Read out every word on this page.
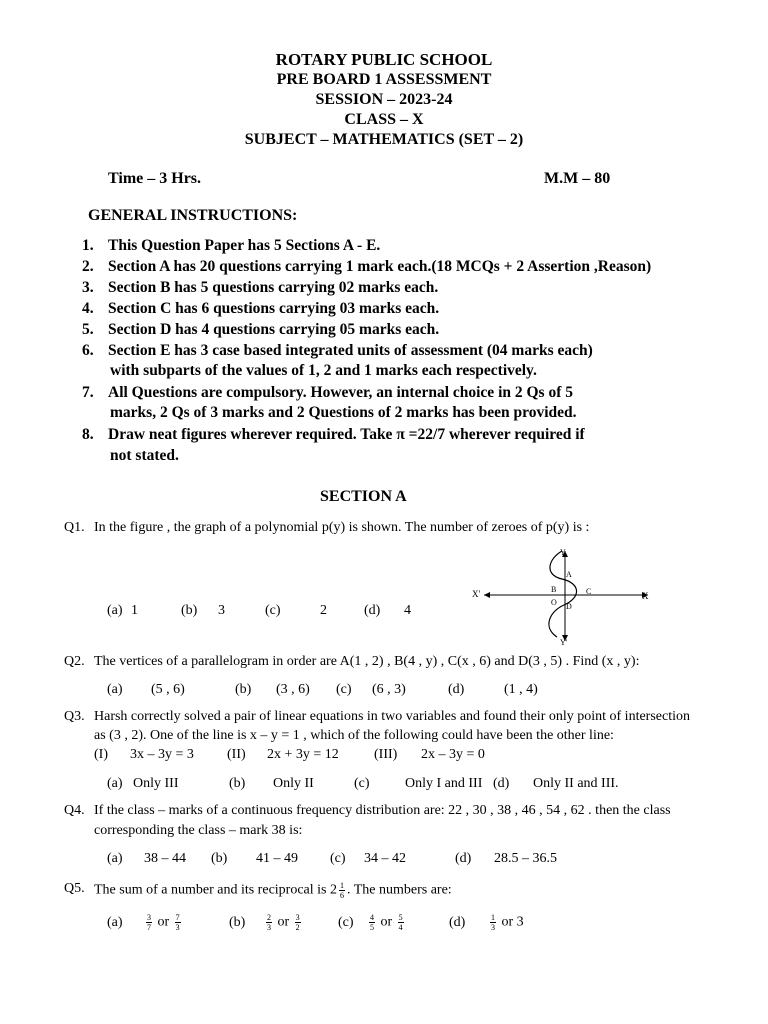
ROTARY PUBLIC SCHOOL
PRE BOARD 1 ASSESSMENT
SESSION – 2023-24
CLASS – X
SUBJECT – MATHEMATICS (SET – 2)
Time – 3 Hrs.	M.M – 80
GENERAL INSTRUCTIONS:
1. This Question Paper has 5 Sections A - E.
2. Section A has 20 questions carrying 1 mark each.(18 MCQs + 2 Assertion ,Reason)
3. Section B has 5 questions carrying 02 marks each.
4. Section C has 6 questions carrying 03 marks each.
5. Section D has 4 questions carrying 05 marks each.
6. Section E has 3 case based integrated units of assessment (04 marks each)
with subparts of the values of 1, 2 and 1 marks each respectively.
7. All Questions are compulsory. However, an internal choice in 2 Qs of 5
marks, 2 Qs of 3 marks and 2 Questions of 2 marks has been provided.
8. Draw neat figures wherever required. Take π =22/7 wherever required if
not stated.
SECTION A
Q1. In the figure , the graph of a polynomial p(y) is shown. The number of zeroes of p(y) is :
(a) 1	(b) 3	(c)	2	(d) 4
X'	X
Y
Y'
A
B	C
D
O
Q2. The vertices of a parallelogram in order are A(1 , 2) , B(4 , y) , C(x , 6) and D(3 , 5) . Find (x , y):
(a) (5 , 6)	(b) (3 , 6) (c) (6 , 3)	(d)	(1 , 4)
Q3. Harsh correctly solved a pair of linear equations in two variables and found their only point of intersection
as (3 , 2). One of the line is x – y = 1 , which of the following could have been the other line:
(I) 3x – 3y = 3 (II) 2x + 3y = 12	(III) 2x – 3y = 0
(a) Only III	(b) Only II	(c)	Only I and III (d) Only II and III.
Q4. If the class – marks of a continuous frequency distribution are: 22 , 30 , 38 , 46 , 54 , 62 . then the class
corresponding the class – mark 38 is:
(a) 38 – 44 (b) 41 – 49 (c) 34 – 42	(d) 28.5 – 36.5
Q5. The sum of a number and its reciprocal is $2 \frac{1}{6}$ . The numbers are:
(a)	$\frac{3}{7}$ or $\frac{7}{3}$	(b)	$\frac{2}{3}$ or $\frac{3}{2}$	$(c) \frac{4}{5}$ or $\frac{5}{4}$	(d)	$\frac{1}{3}$ or 3
